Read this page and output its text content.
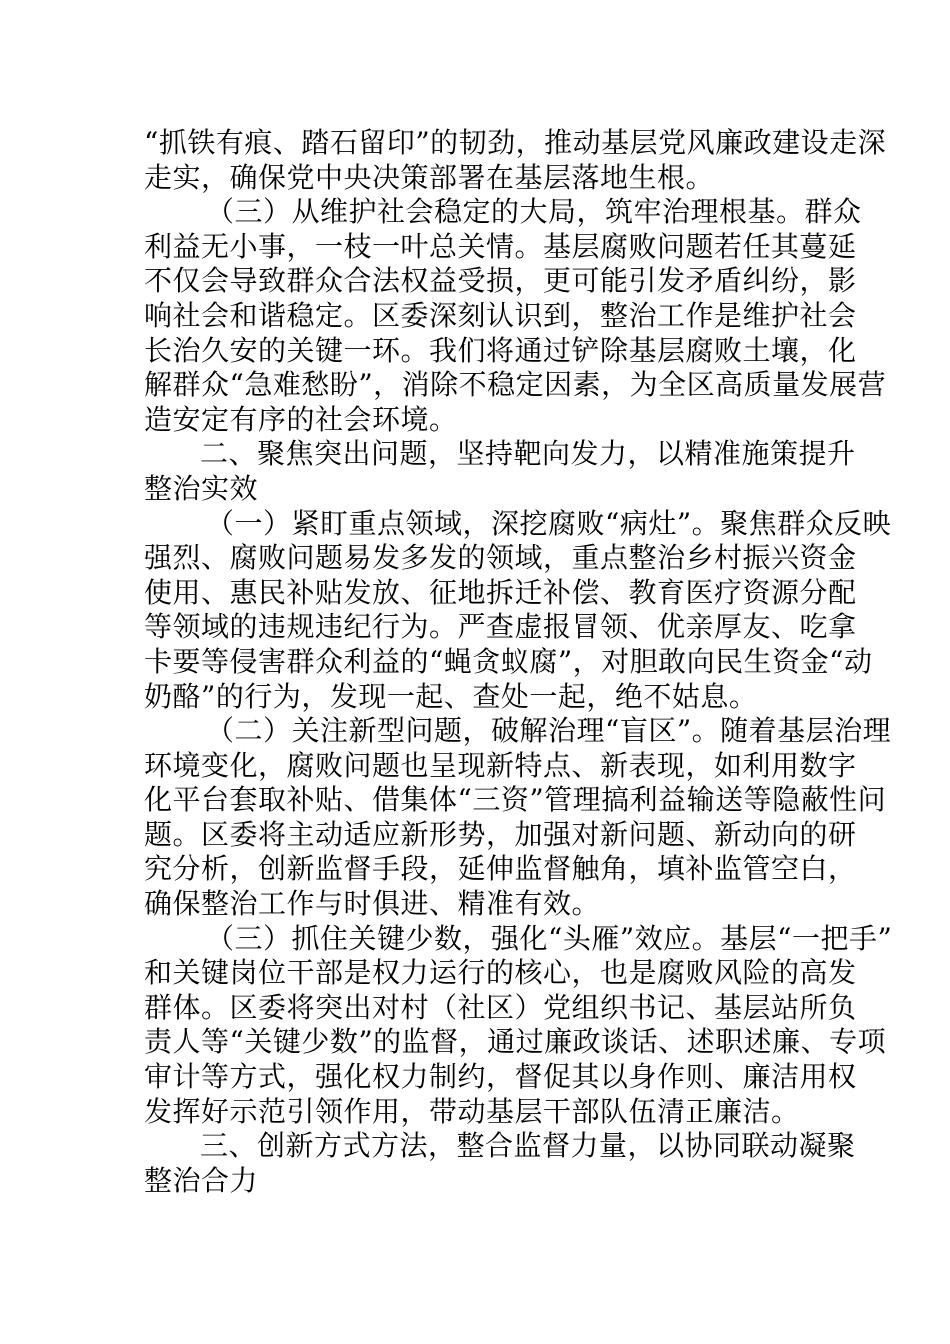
“抓铁有痕、踏石留印”的韧劲，推动基层党风廉政建设走深
走实，确保党中央决策部署在基层落地生根。
（三）从维护社会稳定的大局，筑牢治理根基。群众
利益无小事，一枝一叶总关情。基层腐败问题若任其蔓延
不仅会导致群众合法权益受损，更可能引发矛盾纠纷，影
响社会和谐稳定。区委深刻认识到，整治工作是维护社会
长治久安的关键一环。我们将通过铲除基层腐败土壤，化
解群众“急难愁盼”，消除不稳定因素，为全区高质量发展营
造安定有序的社会环境。
二、聚焦突出问题，坚持靶向发力，以精准施策提升
整治实效
（一）紧盯重点领域，深挖腐败“病灶”。聚焦群众反映
强烈、腐败问题易发多发的领域，重点整治乡村振兴资金
使用、惠民补贴发放、征地拆迁补偿、教育医疗资源分配
等领域的违规违纪行为。严查虚报冒领、优亲厚友、吃拿
卡要等侵害群众利益的“蝇贪蚁腐”，对胆敢向民生资金“动
奶酪”的行为，发现一起、查处一起，绝不姑息。
（二）关注新型问题，破解治理“盲区”。随着基层治理
环境变化，腐败问题也呈现新特点、新表现，如利用数字
化平台套取补贴、借集体“三资”管理搞利益输送等隐蔽性问
题。区委将主动适应新形势，加强对新问题、新动向的研
究分析，创新监督手段，延伸监督触角，填补监管空白，
确保整治工作与时俱进、精准有效。
（三）抓住关键少数，强化“头雁”效应。基层“一把手”
和关键岗位干部是权力运行的核心，也是腐败风险的高发
群体。区委将突出对村（社区）党组织书记、基层站所负
责人等“关键少数”的监督，通过廉政谈话、述职述廉、专项
审计等方式，强化权力制约，督促其以身作则、廉洁用权
发挥好示范引领作用，带动基层干部队伍清正廉洁。
三、创新方式方法，整合监督力量，以协同联动凝聚
整治合力
